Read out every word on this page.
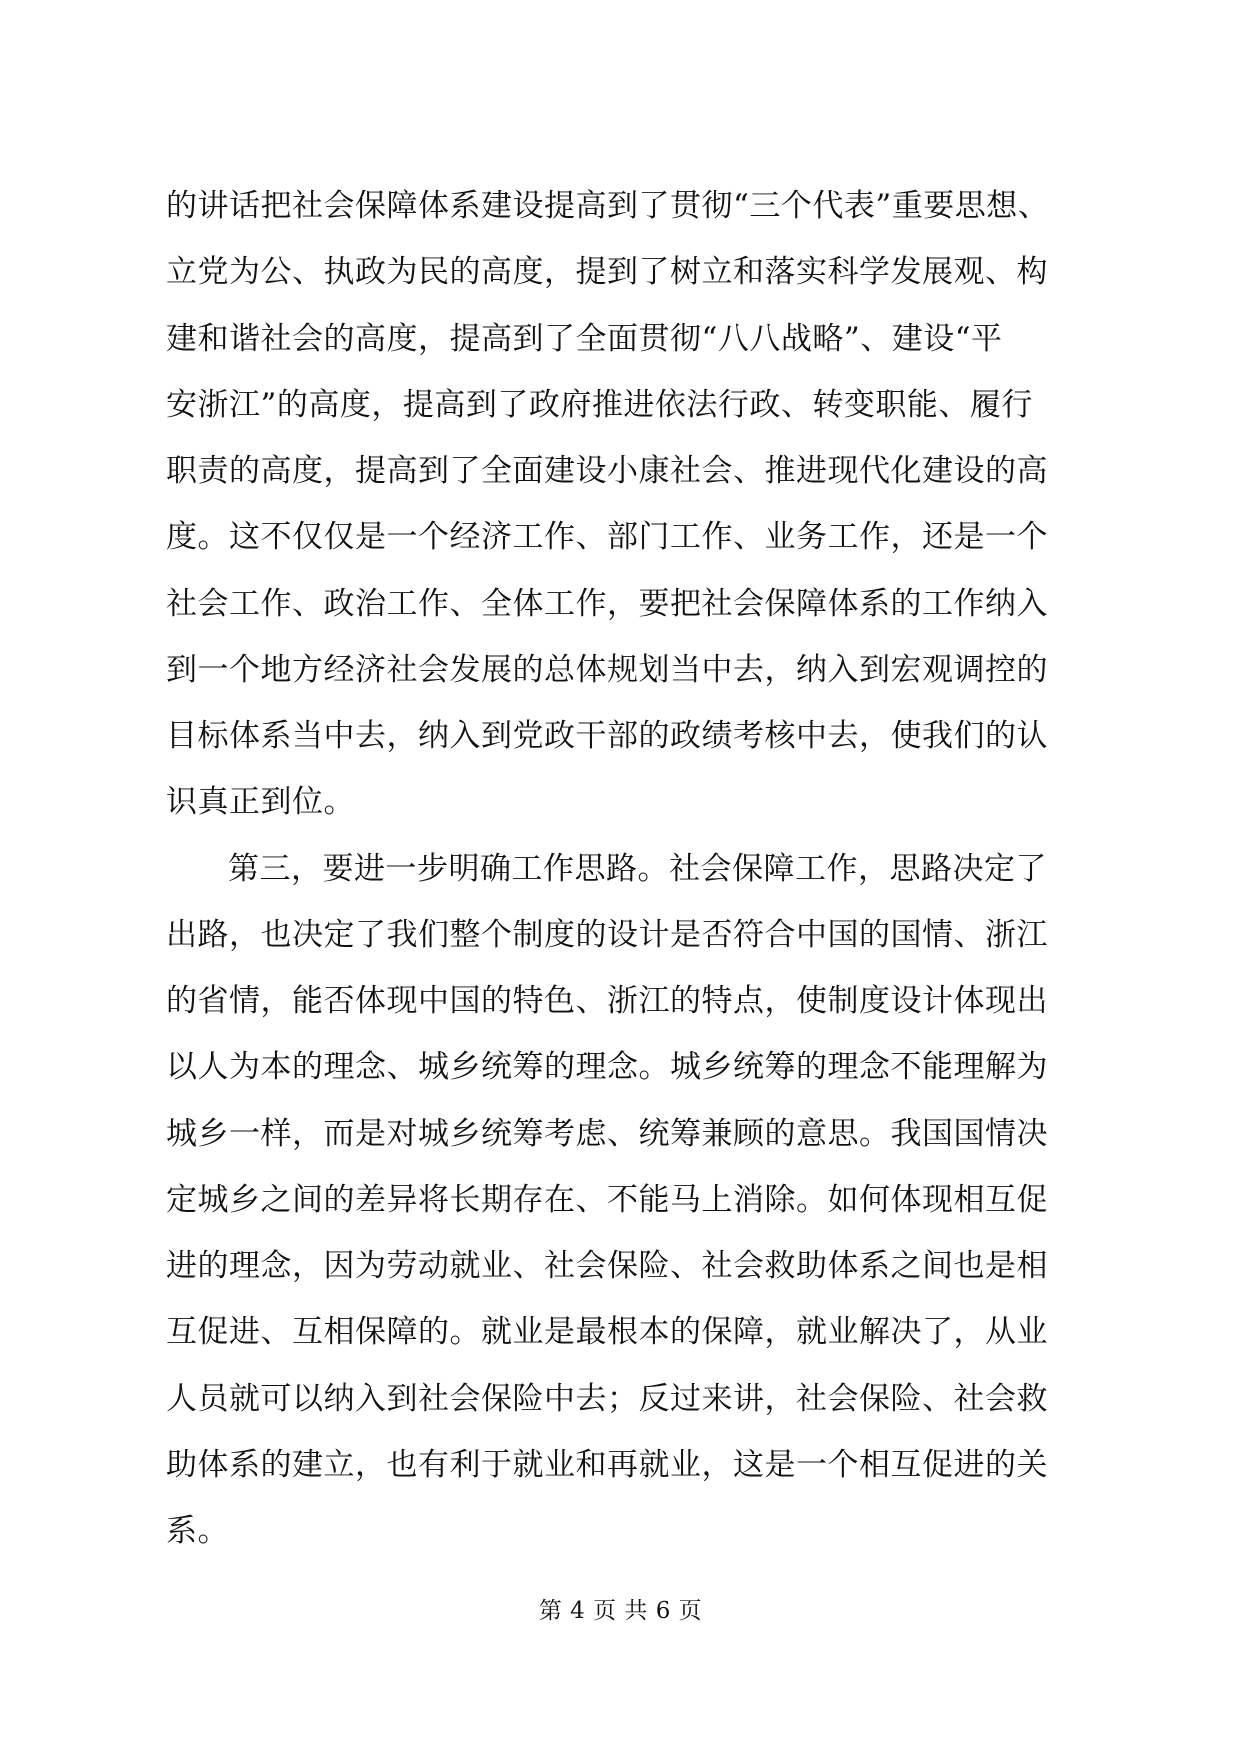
的讲话把社会保障体系建设提高到了贯彻“三个代表”重要思想、
立党为公、执政为民的高度，提到了树立和落实科学发展观、构
建和谐社会的高度，提高到了全面贯彻“八八战略”、建设“平
安浙江”的高度，提高到了政府推进依法行政、转变职能、履行
职责的高度，提高到了全面建设小康社会、推进现代化建设的高
度。这不仅仅是一个经济工作、部门工作、业务工作，还是一个
社会工作、政治工作、全体工作，要把社会保障体系的工作纳入
到一个地方经济社会发展的总体规划当中去，纳入到宏观调控的
目标体系当中去，纳入到党政干部的政绩考核中去，使我们的认
识真正到位。
第三，要进一步明确工作思路。社会保障工作，思路决定了
出路，也决定了我们整个制度的设计是否符合中国的国情、浙江
的省情，能否体现中国的特色、浙江的特点，使制度设计体现出
以人为本的理念、城乡统筹的理念。城乡统筹的理念不能理解为
城乡一样，而是对城乡统筹考虑、统筹兼顾的意思。我国国情决
定城乡之间的差异将长期存在、不能马上消除。如何体现相互促
进的理念，因为劳动就业、社会保险、社会救助体系之间也是相
互促进、互相保障的。就业是最根本的保障，就业解决了，从业
人员就可以纳入到社会保险中去；反过来讲，社会保险、社会救
助体系的建立，也有利于就业和再就业，这是一个相互促进的关
系。
第 4 页 共 6 页
